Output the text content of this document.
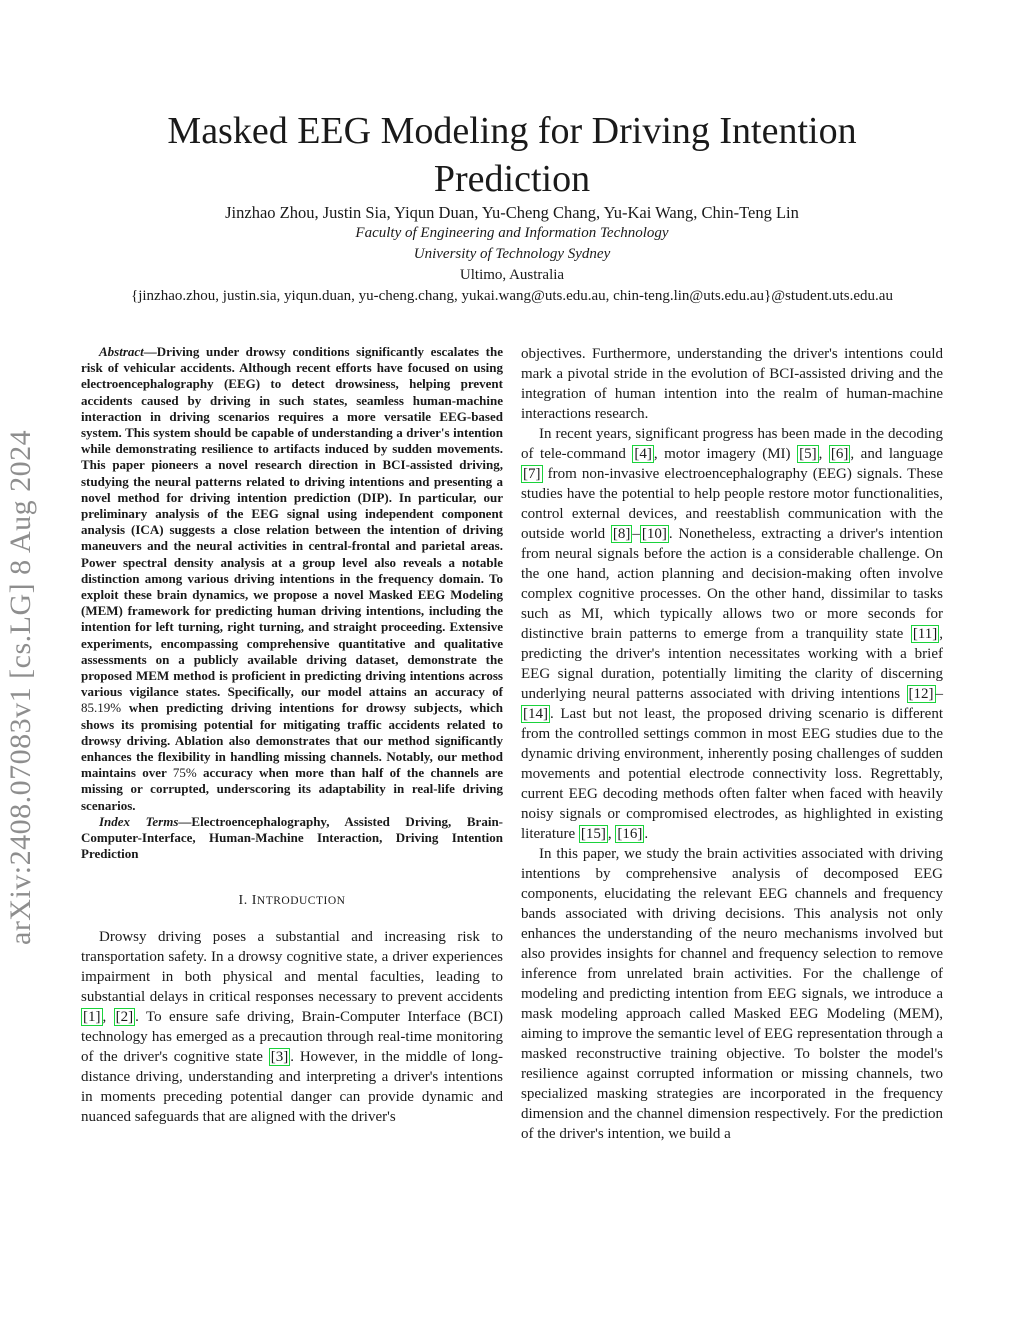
arXiv:2408.07083v1 [cs.LG] 8 Aug 2024
Masked EEG Modeling for Driving Intention Prediction
Jinzhao Zhou, Justin Sia, Yiqun Duan, Yu-Cheng Chang, Yu-Kai Wang, Chin-Teng Lin
Faculty of Engineering and Information Technology
University of Technology Sydney
Ultimo, Australia
{jinzhao.zhou, justin.sia, yiqun.duan, yu-cheng.chang, yukai.wang@uts.edu.au, chin-teng.lin@uts.edu.au}@student.uts.edu.au

Abstract—Driving under drowsy conditions significantly escalates the risk of vehicular accidents. Although recent efforts have focused on using electroencephalography (EEG) to detect drowsiness, helping prevent accidents caused by driving in such states, seamless human-machine interaction in driving scenarios requires a more versatile EEG-based system. This system should be capable of understanding a driver's intention while demonstrating resilience to artifacts induced by sudden movements. This paper pioneers a novel research direction in BCI-assisted driving, studying the neural patterns related to driving intentions and presenting a novel method for driving intention prediction (DIP). In particular, our preliminary analysis of the EEG signal using independent component analysis (ICA) suggests a close relation between the intention of driving maneuvers and the neural activities in central-frontal and parietal areas. Power spectral density analysis at a group level also reveals a notable distinction among various driving intentions in the frequency domain. To exploit these brain dynamics, we propose a novel Masked EEG Modeling (MEM) framework for predicting human driving intentions, including the intention for left turning, right turning, and straight proceeding. Extensive experiments, encompassing comprehensive quantitative and qualitative assessments on a publicly available driving dataset, demonstrate the proposed MEM method is proficient in predicting driving intentions across various vigilance states. Specifically, our model attains an accuracy of 85.19% when predicting driving intentions for drowsy subjects, which shows its promising potential for mitigating traffic accidents related to drowsy driving. Ablation also demonstrates that our method significantly enhances the flexibility in handling missing channels. Notably, our method maintains over 75% accuracy when more than half of the channels are missing or corrupted, underscoring its adaptability in real-life driving scenarios.

Index Terms—Electroencephalography, Assisted Driving, Brain-Computer-Interface, Human-Machine Interaction, Driving Intention Prediction

I. INTRODUCTION

Drowsy driving poses a substantial and increasing risk to transportation safety. In a drowsy cognitive state, a driver experiences impairment in both physical and mental faculties, leading to substantial delays in critical responses necessary to prevent accidents [1] , [2] . To ensure safe driving, Brain-Computer Interface (BCI) technology has emerged as a precaution through real-time monitoring of the driver's cognitive state [3] . However, in the middle of long-distance driving, understanding and interpreting a driver's intentions in moments preceding potential danger can provide dynamic and nuanced safeguards that are aligned with the driver's

objectives. Furthermore, understanding the driver's intentions could mark a pivotal stride in the evolution of BCI-assisted driving and the integration of human intention into the realm of human-machine interactions research.

In recent years, significant progress has been made in the decoding of tele-command [4] , motor imagery (MI) [5] , [6] , and language [7] from non-invasive electroencephalography (EEG) signals. These studies have the potential to help people restore motor functionalities, control external devices, and reestablish communication with the outside world [8] – [10] . Nonetheless, extracting a driver's intention from neural signals before the action is a considerable challenge. On the one hand, action planning and decision-making often involve complex cognitive processes. On the other hand, dissimilar to tasks such as MI, which typically allows two or more seconds for distinctive brain patterns to emerge from a tranquility state [11] , predicting the driver's intention necessitates working with a brief EEG signal duration, potentially limiting the clarity of discerning underlying neural patterns associated with driving intentions [12] –[14] . Last but not least, the proposed driving scenario is different from the controlled settings common in most EEG studies due to the dynamic driving environment, inherently posing challenges of sudden movements and potential electrode connectivity loss. Regrettably, current EEG decoding methods often falter when faced with heavily noisy signals or compromised electrodes, as highlighted in existing literature [15] , [16] .

In this paper, we study the brain activities associated with driving intentions by comprehensive analysis of decomposed EEG components, elucidating the relevant EEG channels and frequency bands associated with driving decisions. This analysis not only enhances the understanding of the neuro mechanisms involved but also provides insights for channel and frequency selection to remove inference from unrelated brain activities. For the challenge of modeling and predicting intention from EEG signals, we introduce a mask modeling approach called Masked EEG Modeling (MEM), aiming to improve the semantic level of EEG representation through a masked reconstructive training objective. To bolster the model's resilience against corrupted information or missing channels, two specialized masking strategies are incorporated in the frequency dimension and the channel dimension respectively. For the prediction of the driver's intention, we build a
